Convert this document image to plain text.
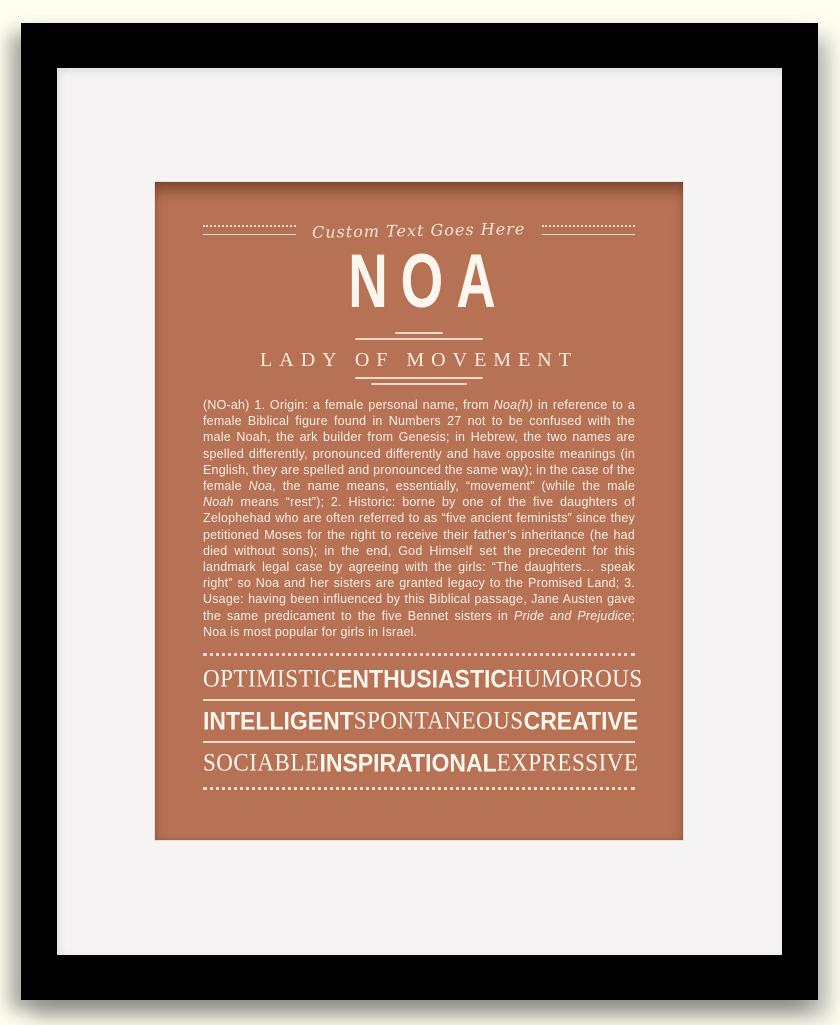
Custom Text Goes Here
NOA
LADY OF MOVEMENT
(NO-ah) 1. Origin: a female personal name, from Noa(h) in reference to a female Biblical figure found in Numbers 27 not to be confused with the male Noah, the ark builder from Genesis; in Hebrew, the two names are spelled differently, pronounced differently and have opposite meanings (in English, they are spelled and pronounced the same way); in the case of the female Noa, the name means, essentially, “movement” (while the male Noah means “rest”); 2. Historic: borne by one of the five daughters of Zelophehad who are often referred to as “five ancient feminists” since they petitioned Moses for the right to receive their father’s inheritance (he had died without sons); in the end, God Himself set the precedent for this landmark legal case by agreeing with the girls: “The daughters… speak right” so Noa and her sisters are granted legacy to the Promised Land; 3. Usage: having been influenced by this Biblical passage, Jane Austen gave the same predicament to the five Bennet sisters in Pride and Prejudice; Noa is most popular for girls in Israel.
OPTIMISTIC ENTHUSIASTIC HUMOROUS
INTELLIGENT SPONTANEOUS CREATIVE
SOCIABLE INSPIRATIONAL EXPRESSIVE
